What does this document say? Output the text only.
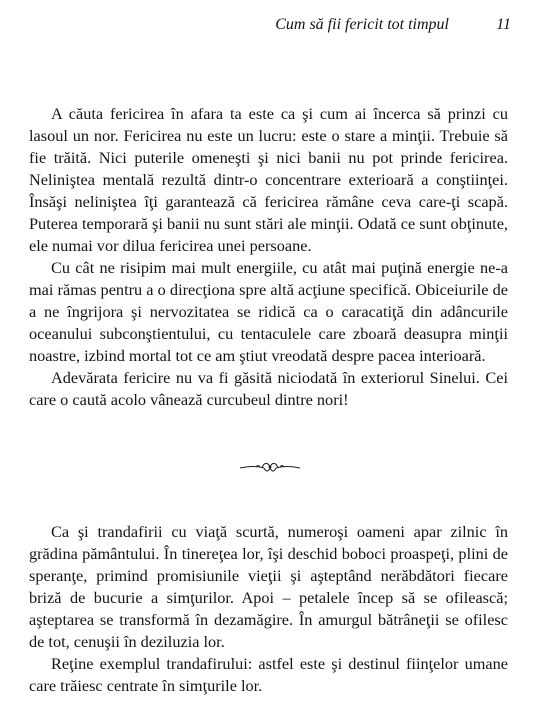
Cum să fii fericit tot timpul	11

A căuta fericirea în afara ta este ca şi cum ai încerca să prinzi cu lasoul un nor. Fericirea nu este un lucru: este o stare a minţii. Trebuie să fie trăită. Nici puterile omeneşti şi nici banii nu pot prinde fericirea. Neliniştea mentală rezultă dintr-o concentrare exterioară a conştiinţei. Însăşi neliniştea îţi garantează că fericirea rămâne ceva care-ţi scapă. Puterea temporară şi banii nu sunt stări ale minţii. Odată ce sunt obţinute, ele numai vor dilua fericirea unei persoane.

Cu cât ne risipim mai mult energiile, cu atât mai puţină energie ne-a mai rămas pentru a o direcţiona spre altă acţiune specifică. Obiceiurile de a ne îngrijora şi nervozitatea se ridică ca o caracatiţă din adâncurile oceanului subconştientului, cu tentaculele care zboară deasupra minţii noastre, izbind mortal tot ce am ştiut vreodată despre pacea interioară.

Adevărata fericire nu va fi găsită niciodată în exteriorul Sinelui. Cei care o caută acolo vânează curcubeul dintre nori!

Ca şi trandafirii cu viaţă scurtă, numeroşi oameni apar zilnic în grădina pământului. În tinereţea lor, îşi deschid boboci proaspeţi, plini de speranţe, primind promisiunile vieţii şi aşteptând nerăbdători fiecare briză de bucurie a simţurilor. Apoi – petalele încep să se ofilească; aşteptarea se transformă în dezamăgire. În amurgul bătrâneţii se ofilesc de tot, cenuşii în deziluzia lor.

Reţine exemplul trandafirului: astfel este şi destinul fiinţelor umane care trăiesc centrate în simţurile lor.
